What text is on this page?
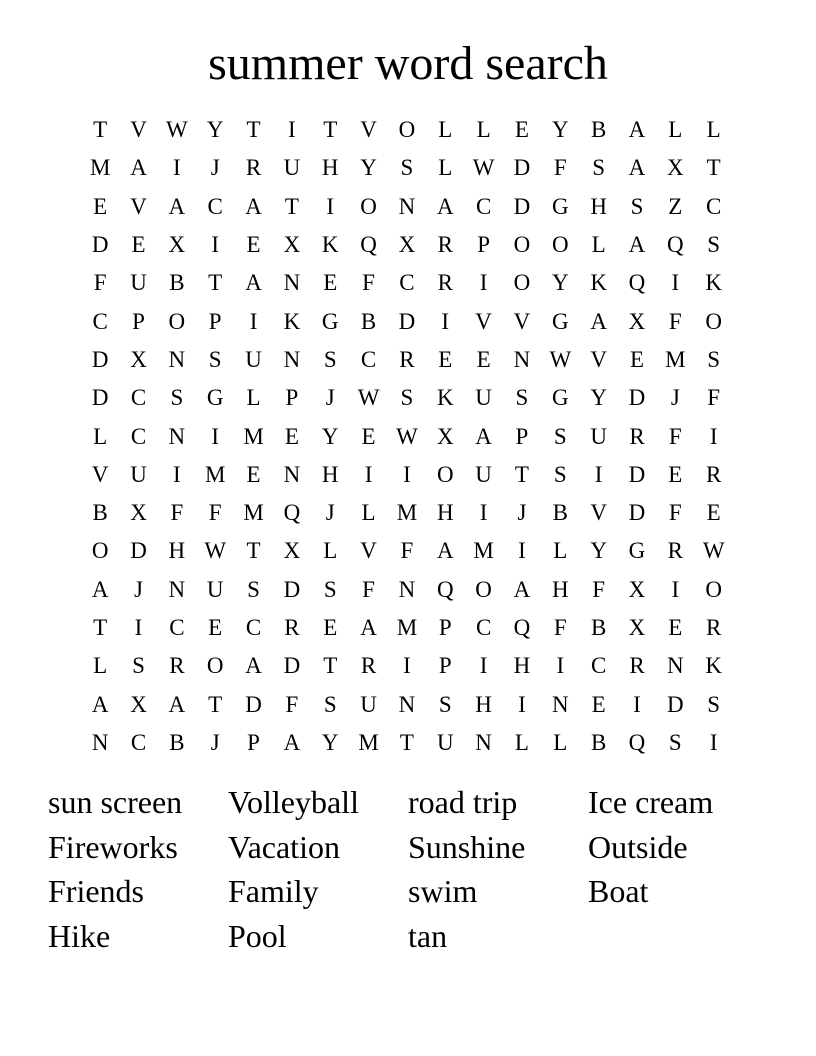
summer word search
T	V W Y	T	I	T	V O	L	L	E	Y B A	L	L
M A	I	J	R U H Y	S	L W D	F	S	A X	T
E	V A C A	T	I	O N A C D G H	S	Z	C
D	E	X	I	E	X K Q X R	P	O O	L	A Q	S
F	U B	T	A N	E	F	C	R	I	O Y K Q	I	K
C	P	O	P	I	K G B D	I	V V G A X	F	O
D X N	S	U N	S	C	R	E	E	N W V	E M S
D C	S	G	L	P	J	W S	K U	S	G Y D	J	F
L	C N	I	M E	Y	E W X A	P	S	U R	F	I
V U	I	M E	N H	I	I	O U	T	S	I	D	E	R
B X	F	F M Q	J	L M H	I	J	B V D	F	E
O D H W T	X	L	V	F	A M	I	L	Y G R W
A	J	N U	S	D	S	F	N Q O A H	F	X	I	O
T	I	C	E	C	R	E	A M P	C Q	F	B X	E	R
L	S	R O A D	T	R	I	P	I	H	I	C	R N K
A X A	T	D	F	S	U N	S	H	I	N	E	I	D	S
N C	B	J	P	A Y M T	U N	L	L	B Q	S	I
sun screen	Volleyball	road trip	Ice cream
Fireworks	Vacation	Sunshine	Outside
Friends	Family	swim	Boat
Hike	Pool	tan
